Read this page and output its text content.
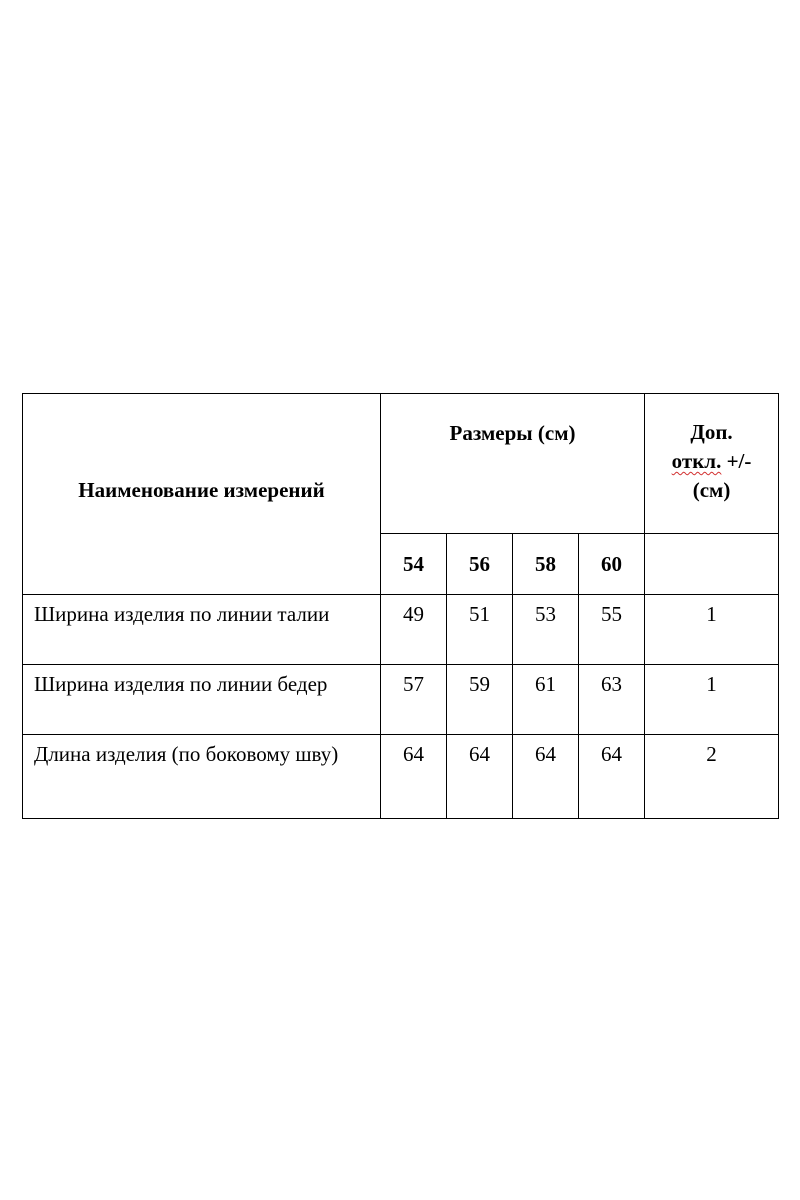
Наименование измерений	Размеры (см)				Доп.
откл. +/-
(см)

	54	56	58	60	
Ширина изделия по линии талии	49	51	53	55	1
Ширина изделия по линии бедер	57	59	61	63	1
Длина изделия (по боковому шву)	64	64	64	64	2
